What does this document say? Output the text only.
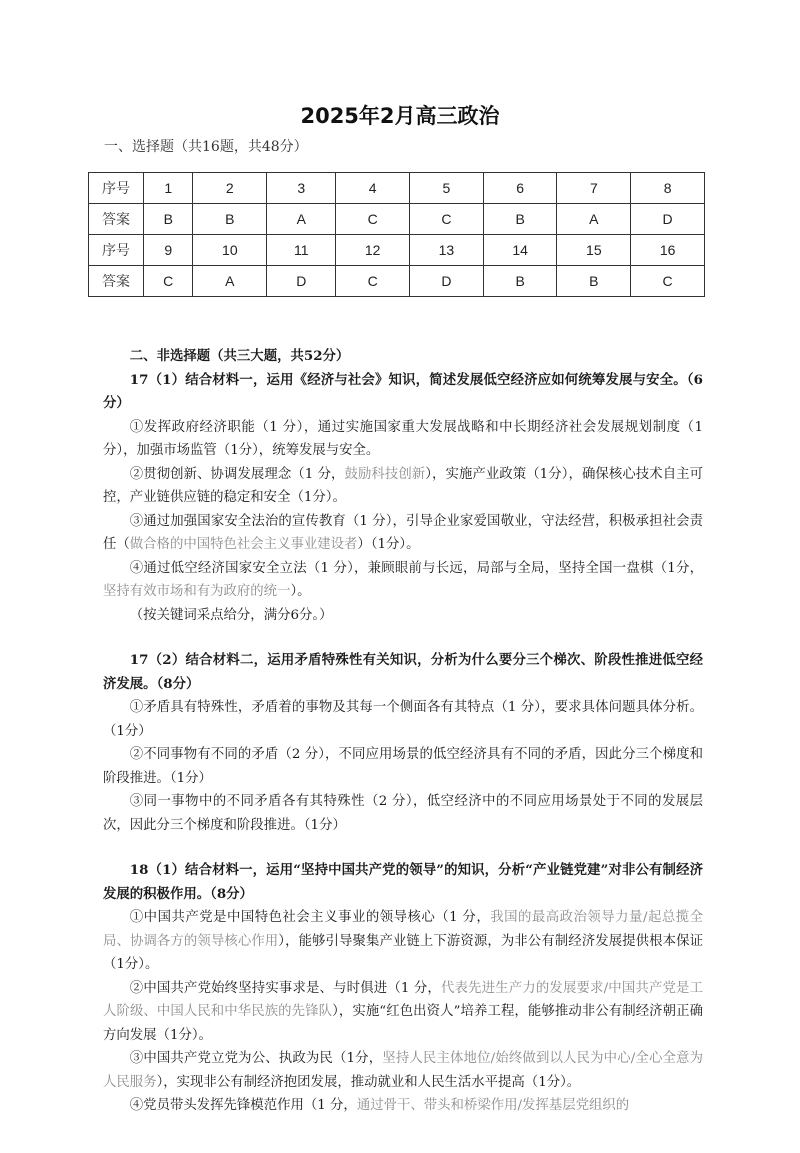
2025年2月高三政治
一、选择题（共16题，共48分）
序号	1	2	3	4	5	6	7	8
答案	B	B	A	C	C	B	A	D
序号	9	10	11	12	13	14	15	16
答案	C	A	D	C	D	B	B	C

二、非选择题（共三大题，共52分）

17（1）结合材料一，运用《经济与社会》知识，简述发展低空经济应如何统筹发展与安全。（6分）

①发挥政府经济职能（1 分），通过实施国家重大发展战略和中长期经济社会发展规划制度（1分），加强市场监管（1分），统筹发展与安全。

②贯彻创新、协调发展理念（1 分，鼓励科技创新），实施产业政策（1分），确保核心技术自主可控，产业链供应链的稳定和安全（1分）。

③通过加强国家安全法治的宣传教育（1 分），引导企业家爱国敬业，守法经营，积极承担社会责任（做合格的中国特色社会主义事业建设者）（1分）。

④通过低空经济国家安全立法（1 分），兼顾眼前与长远，局部与全局，坚持全国一盘棋（1分，坚持有效市场和有为政府的统一）。

（按关键词采点给分，满分6分。）

17（2）结合材料二，运用矛盾特殊性有关知识，分析为什么要分三个梯次、阶段性推进低空经济发展。（8分）

①矛盾具有特殊性，矛盾着的事物及其每一个侧面各有其特点（1 分），要求具体问题具体分析。（1分）

②不同事物有不同的矛盾（2 分），不同应用场景的低空经济具有不同的矛盾，因此分三个梯度和阶段推进。（1分）

③同一事物中的不同矛盾各有其特殊性（2 分），低空经济中的不同应用场景处于不同的发展层次，因此分三个梯度和阶段推进。（1分）

18（1）结合材料一，运用“坚持中国共产党的领导”的知识，分析“产业链党建”对非公有制经济发展的积极作用。（8分）

①中国共产党是中国特色社会主义事业的领导核心（1 分，我国的最高政治领导力量/起总揽全局、协调各方的领导核心作用），能够引导聚集产业链上下游资源，为非公有制经济发展提供根本保证（1分）。

②中国共产党始终坚持实事求是、与时俱进（1 分，代表先进生产力的发展要求/中国共产党是工人阶级、中国人民和中华民族的先锋队），实施“红色出资人”培养工程，能够推动非公有制经济朝正确方向发展（1分）。

③中国共产党立党为公、执政为民（1分，坚持人民主体地位/始终做到以人民为中心/全心全意为人民服务），实现非公有制经济抱团发展，推动就业和人民生活水平提高（1分）。

④党员带头发挥先锋模范作用（1 分，通过骨干、带头和桥梁作用/发挥基层党组织的
